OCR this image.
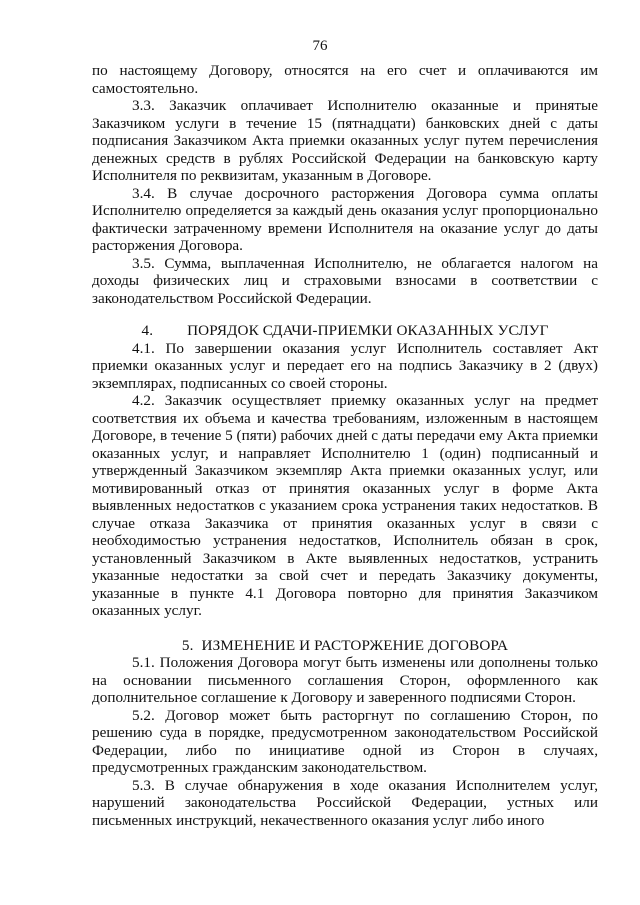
76

по настоящему Договору, относятся на его счет и оплачиваются им самостоятельно.

3.3. Заказчик оплачивает Исполнителю оказанные и принятые Заказчиком услуги в течение 15 (пятнадцати) банковских дней с даты подписания Заказчиком Акта приемки оказанных услуг путем перечисления денежных средств в рублях Российской Федерации на банковскую карту Исполнителя по реквизитам, указанным в Договоре.

3.4. В случае досрочного расторжения Договора сумма оплаты Исполнителю определяется за каждый день оказания услуг пропорционально фактически затраченному времени Исполнителя на оказание услуг до даты расторжения Договора.

3.5. Сумма, выплаченная Исполнителю, не облагается налогом на доходы физических лиц и страховыми взносами в соответствии с законодательством Российской Федерации.

4. ПОРЯДОК СДАЧИ-ПРИЕМКИ ОКАЗАННЫХ УСЛУГ

4.1. По завершении оказания услуг Исполнитель составляет Акт приемки оказанных услуг и передает его на подпись Заказчику в 2 (двух) экземплярах, подписанных со своей стороны.

4.2. Заказчик осуществляет приемку оказанных услуг на предмет соответствия их объема и качества требованиям, изложенным в настоящем Договоре, в течение 5 (пяти) рабочих дней с даты передачи ему Акта приемки оказанных услуг, и направляет Исполнителю 1 (один) подписанный и утвержденный Заказчиком экземпляр Акта приемки оказанных услуг, или мотивированный отказ от принятия оказанных услуг в форме Акта выявленных недостатков с указанием срока устранения таких недостатков. В случае отказа Заказчика от принятия оказанных услуг в связи с необходимостью устранения недостатков, Исполнитель обязан в срок, установленный Заказчиком в Акте выявленных недостатков, устранить указанные недостатки за свой счет и передать Заказчику документы, указанные в пункте 4.1 Договора повторно для принятия Заказчиком оказанных услуг.

5. ИЗМЕНЕНИЕ И РАСТОРЖЕНИЕ ДОГОВОРА

5.1. Положения Договора могут быть изменены или дополнены только на основании письменного соглашения Сторон, оформленного как дополнительное соглашение к Договору и заверенного подписями Сторон.

5.2. Договор может быть расторгнут по соглашению Сторон, по решению суда в порядке, предусмотренном законодательством Российской Федерации, либо по инициативе одной из Сторон в случаях, предусмотренных гражданским законодательством.

5.3. В случае обнаружения в ходе оказания Исполнителем услуг, нарушений законодательства Российской Федерации, устных или письменных инструкций, некачественного оказания услуг либо иного
